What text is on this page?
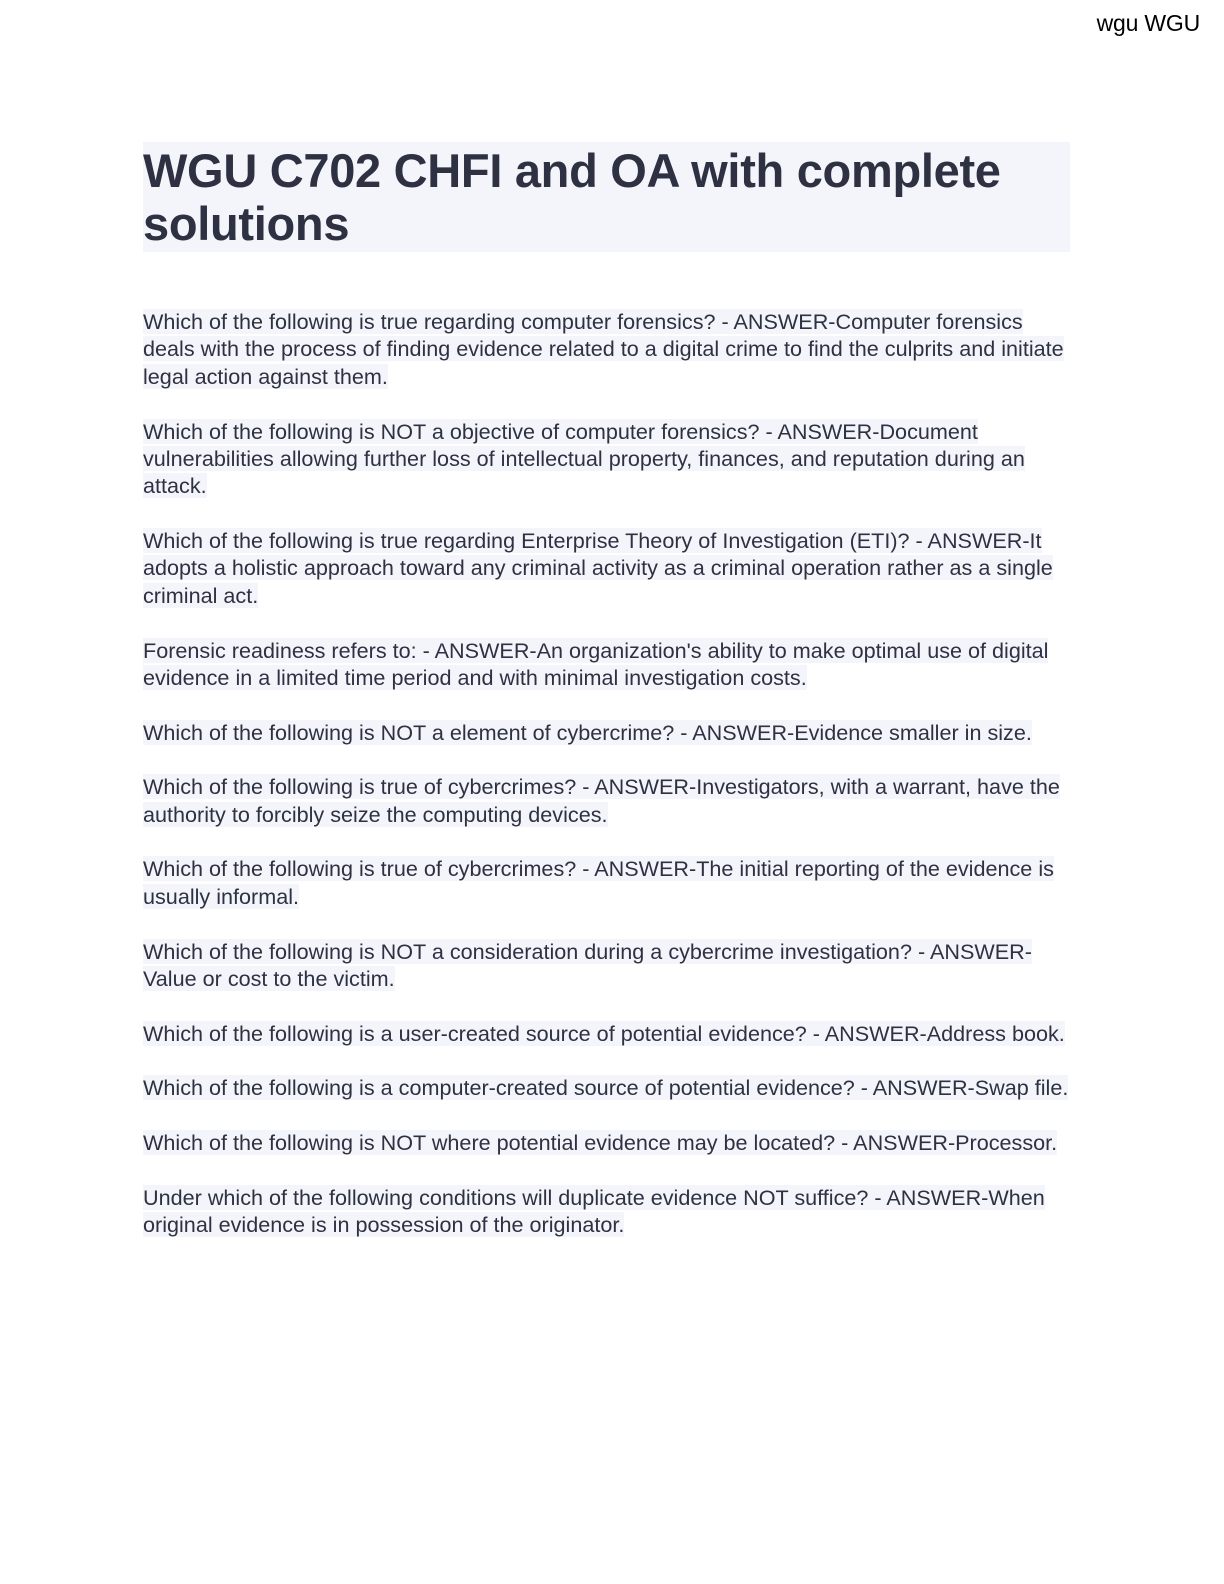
wgu WGU
WGU C702 CHFI and OA with complete solutions

Which of the following is true regarding computer forensics? - ANSWER-Computer forensics deals with the process of finding evidence related to a digital crime to find the culprits and initiate legal action against them.

Which of the following is NOT a objective of computer forensics? - ANSWER-Document vulnerabilities allowing further loss of intellectual property, finances, and reputation during an attack.

Which of the following is true regarding Enterprise Theory of Investigation (ETI)? - ANSWER-It adopts a holistic approach toward any criminal activity as a criminal operation rather as a single criminal act.

Forensic readiness refers to: - ANSWER-An organization's ability to make optimal use of digital evidence in a limited time period and with minimal investigation costs.

Which of the following is NOT a element of cybercrime? - ANSWER-Evidence smaller in size.

Which of the following is true of cybercrimes? - ANSWER-Investigators, with a warrant, have the authority to forcibly seize the computing devices.

Which of the following is true of cybercrimes? - ANSWER-The initial reporting of the evidence is usually informal.

Which of the following is NOT a consideration during a cybercrime investigation? - ANSWER-Value or cost to the victim.

Which of the following is a user-created source of potential evidence? - ANSWER-Address book.

Which of the following is a computer-created source of potential evidence? - ANSWER-Swap file.

Which of the following is NOT where potential evidence may be located? - ANSWER-Processor.

Under which of the following conditions will duplicate evidence NOT suffice? - ANSWER-When original evidence is in possession of the originator.
